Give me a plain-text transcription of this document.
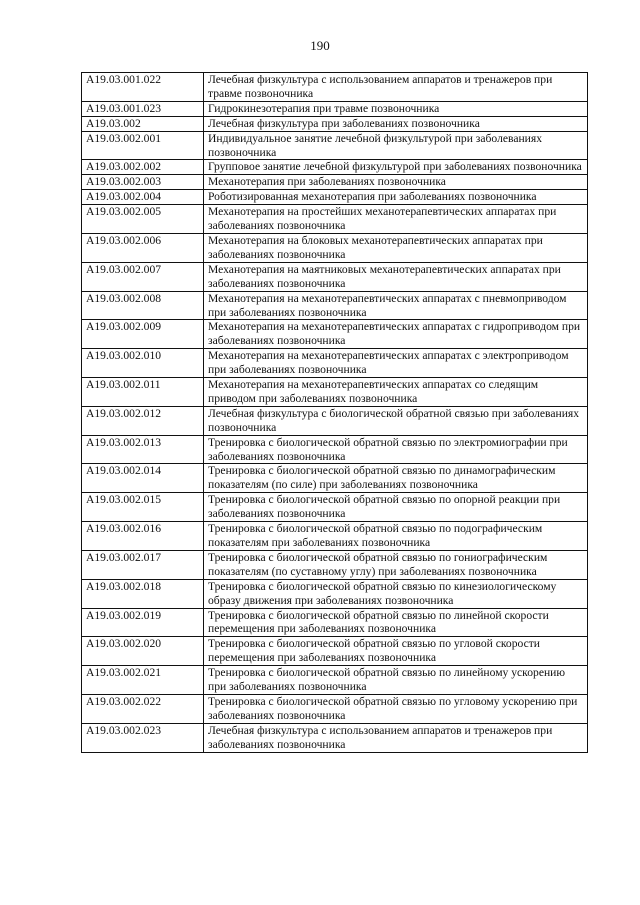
190
A19.03.001.022	Лечебная физкультура с использованием аппаратов и тренажеров при травме позвоночника
A19.03.001.023	Гидрокинезотерапия при травме позвоночника
A19.03.002	Лечебная физкультура при заболеваниях позвоночника
A19.03.002.001	Индивидуальное занятие лечебной физкультурой при заболеваниях позвоночника
A19.03.002.002	Групповое занятие лечебной физкультурой при заболеваниях позвоночника
A19.03.002.003	Механотерапия при заболеваниях позвоночника
A19.03.002.004	Роботизированная механотерапия при заболеваниях позвоночника
A19.03.002.005	Механотерапия на простейших механотерапевтических аппаратах при заболеваниях позвоночника
A19.03.002.006	Механотерапия на блоковых механотерапевтических аппаратах при заболеваниях позвоночника
A19.03.002.007	Механотерапия на маятниковых механотерапевтических аппаратах при заболеваниях позвоночника
A19.03.002.008	Механотерапия на механотерапевтических аппаратах с пневмоприводом при заболеваниях позвоночника
A19.03.002.009	Механотерапия на механотерапевтических аппаратах с гидроприводом при заболеваниях позвоночника
A19.03.002.010	Механотерапия на механотерапевтических аппаратах с электроприводом при заболеваниях позвоночника
A19.03.002.011	Механотерапия на механотерапевтических аппаратах со следящим приводом при заболеваниях позвоночника
A19.03.002.012	Лечебная физкультура с биологической обратной связью при заболеваниях позвоночника
A19.03.002.013	Тренировка с биологической обратной связью по электромиографии при заболеваниях позвоночника
A19.03.002.014	Тренировка с биологической обратной связью по динамографическим показателям (по силе) при заболеваниях позвоночника
A19.03.002.015	Тренировка с биологической обратной связью по опорной реакции при заболеваниях позвоночника
A19.03.002.016	Тренировка с биологической обратной связью по подографическим показателям при заболеваниях позвоночника
A19.03.002.017	Тренировка с биологической обратной связью по гониографическим показателям (по суставному углу) при заболеваниях позвоночника
A19.03.002.018	Тренировка с биологической обратной связью по кинезиологическому образу движения при заболеваниях позвоночника
A19.03.002.019	Тренировка с биологической обратной связью по линейной скорости перемещения при заболеваниях позвоночника
A19.03.002.020	Тренировка с биологической обратной связью по угловой скорости перемещения при заболеваниях позвоночника
A19.03.002.021	Тренировка с биологической обратной связью по линейному ускорению при заболеваниях позвоночника
A19.03.002.022	Тренировка с биологической обратной связью по угловому ускорению при заболеваниях позвоночника
A19.03.002.023	Лечебная физкультура с использованием аппаратов и тренажеров при заболеваниях позвоночника
